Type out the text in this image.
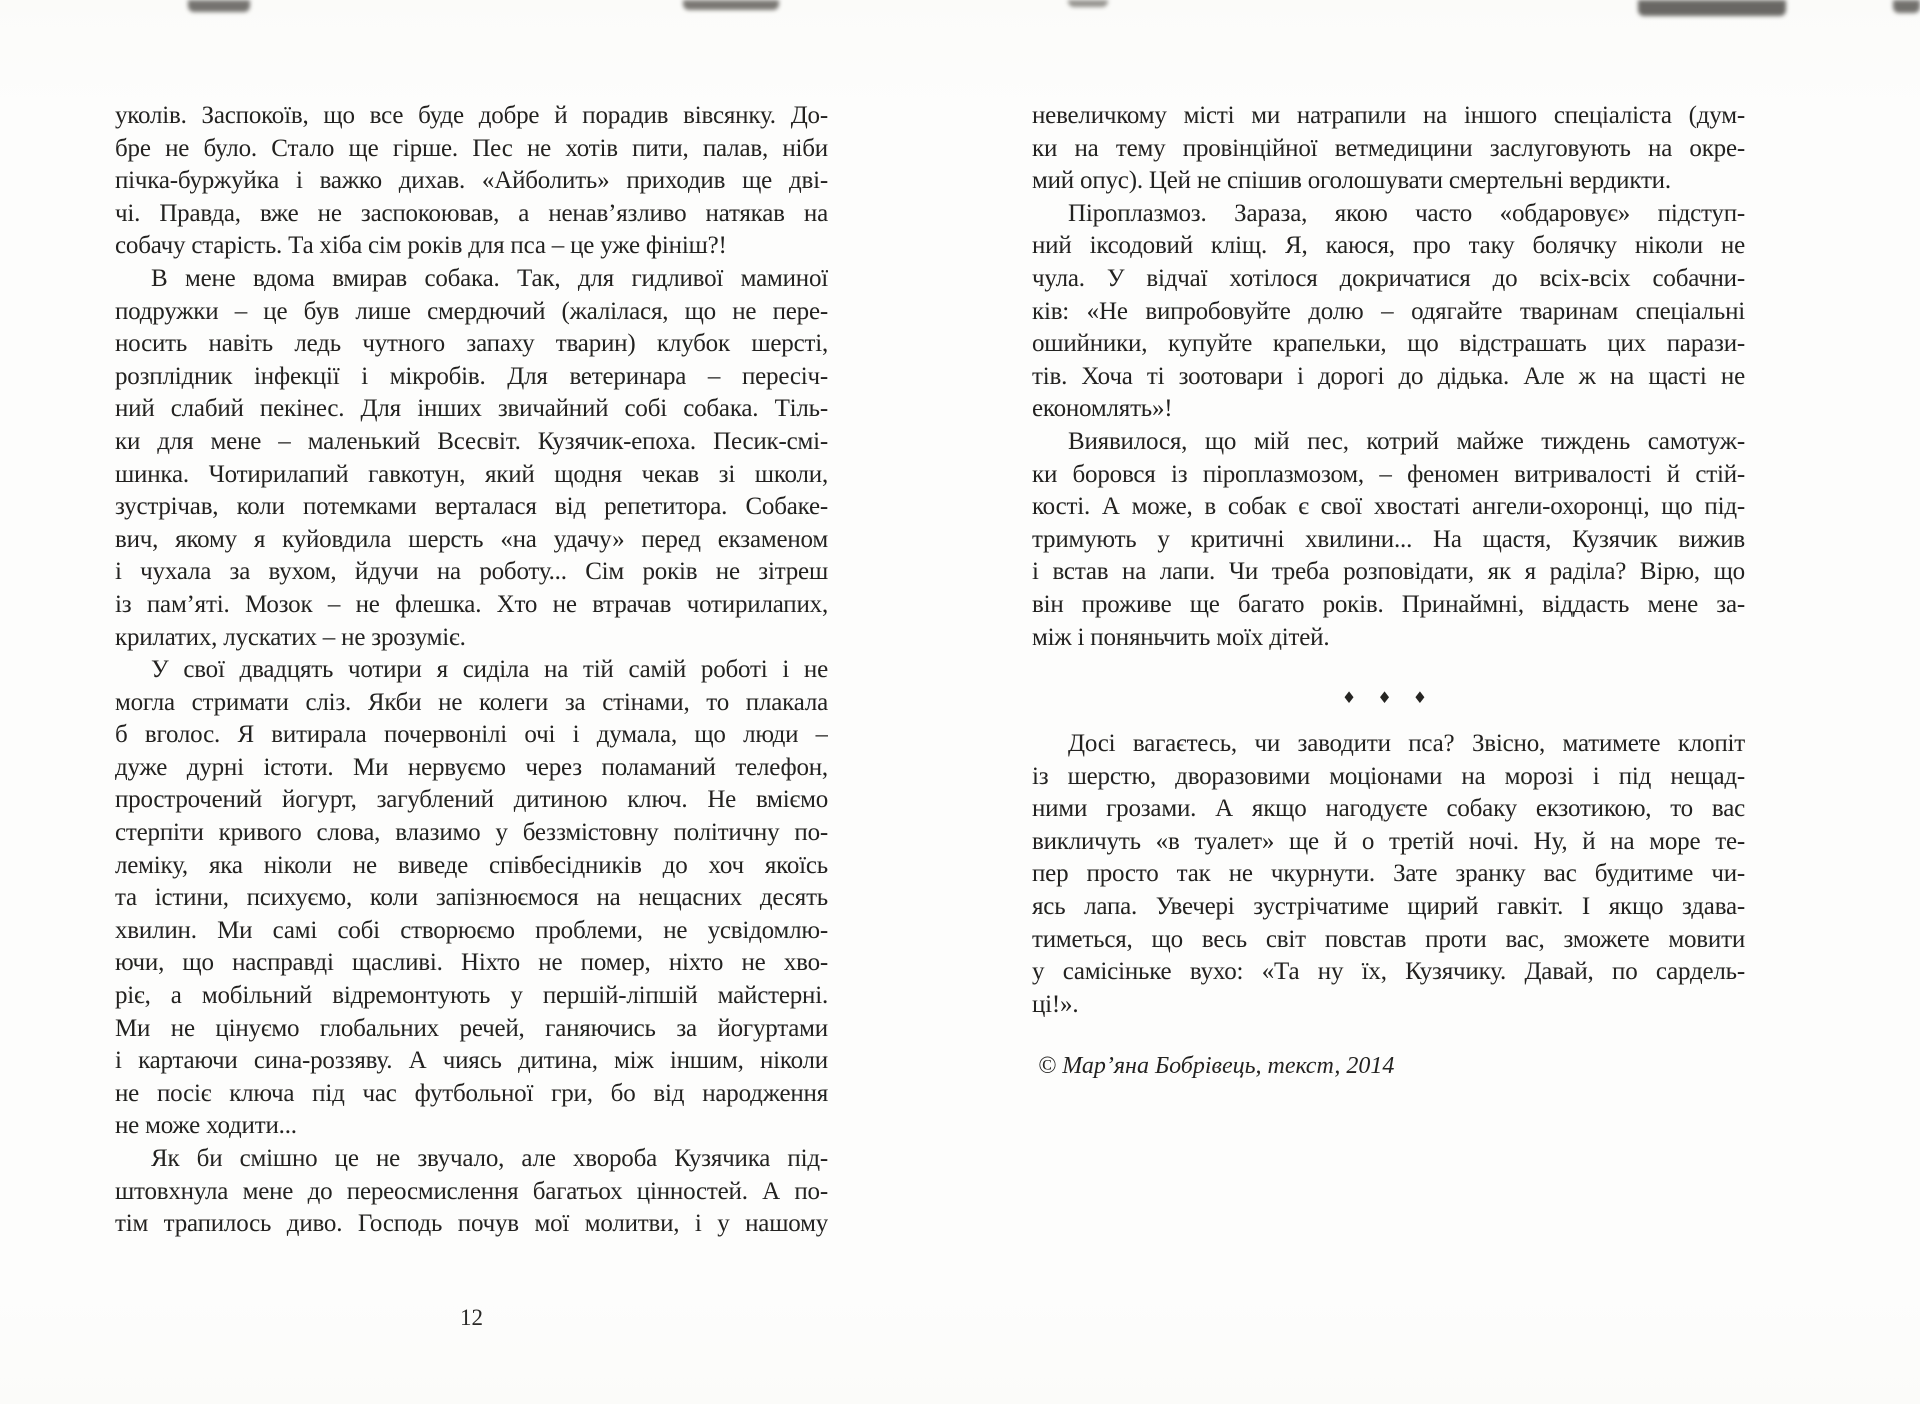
уколів. Заспокоїв, що все буде добре й порадив вівсянку. До-
бре не було. Стало ще гірше. Пес не хотів пити, палав, ніби
пічка-буржуйка і важко дихав. «Айболить» приходив ще дві-
чі. Правда, вже не заспокоював, а ненав’язливо натякав на
собачу старість. Та хіба сім років для пса – це уже фініш?!
В мене вдома вмирав собака. Так, для гидливої маминої
подружки – це був лише смердючий (жалілася, що не пере-
носить навіть ледь чутного запаху тварин) клубок шерсті,
розплідник інфекції і мікробів. Для ветеринара – пересіч-
ний слабий пекінес. Для інших звичайний собі собака. Тіль-
ки для мене – маленький Всесвіт. Кузячик-епоха. Песик-смі-
шинка. Чотирилапий гавкотун, який щодня чекав зі школи,
зустрічав, коли потемками верталася від репетитора. Собаке-
вич, якому я куйовдила шерсть «на удачу» перед екзаменом
і чухала за вухом, йдучи на роботу... Сім років не зітреш
із пам’яті. Мозок – не флешка. Хто не втрачав чотирилапих,
крилатих, лускатих – не зрозуміє.
У свої двадцять чотири я сиділа на тій самій роботі і не
могла стримати сліз. Якби не колеги за стінами, то плакала
б вголос. Я витирала почервонілі очі і думала, що люди –
дуже дурні істоти. Ми нервуємо через поламаний телефон,
прострочений йогурт, загублений дитиною ключ. Не вміємо
стерпіти кривого слова, влазимо у беззмістовну політичну по-
леміку, яка ніколи не виведе співбесідників до хоч якоїсь
та істини, психуємо, коли запізнюємося на нещасних десять
хвилин. Ми самі собі створюємо проблеми, не усвідомлю-
ючи, що насправді щасливі. Ніхто не помер, ніхто не хво-
ріє, а мобільний відремонтують у першій-ліпшій майстерні.
Ми не цінуємо глобальних речей, ганяючись за йогуртами
і картаючи сина-роззяву. А чиясь дитина, між іншим, ніколи
не посіє ключа під час футбольної гри, бо від народження
не може ходити...
Як би смішно це не звучало, але хвороба Кузячика під-
штовхнула мене до переосмислення багатьох цінностей. А по-
тім трапилось диво. Господь почув мої молитви, і у нашому
12
невеличкому місті ми натрапили на іншого спеціаліста (дум-
ки на тему провінційної ветмедицини заслуговують на окре-
мий опус). Цей не спішив оголошувати смертельні вердикти.
Піроплазмоз. Зараза, якою часто «обдаровує» підступ-
ний іксодовий кліщ. Я, каюся, про таку болячку ніколи не
чула. У відчаї хотілося докричатися до всіх-всіх собачни-
ків: «Не випробовуйте долю – одягайте тваринам спеціальні
ошийники, купуйте крапельки, що відстрашать цих парази-
тів. Хоча ті зоотовари і дорогі до дідька. Але ж на щасті не
економлять»!
Виявилося, що мій пес, котрий майже тиждень самотуж-
ки боровся із піроплазмозом, – феномен витривалості й стій-
кості. А може, в собак є свої хвостаті ангели-охоронці, що під-
тримують у критичні хвилини... На щастя, Кузячик вижив
і встав на лапи. Чи треба розповідати, як я раділа? Вірю, що
він проживе ще багато років. Принаймні, віддасть мене за-
між і поняньчить моїх дітей.
♦ ♦ ♦
Досі вагаєтесь, чи заводити пса? Звісно, матимете клопіт
із шерстю, дворазовими моціонами на морозі і під нещад-
ними грозами. А якщо нагодуєте собаку екзотикою, то вас
викличуть «в туалет» ще й о третій ночі. Ну, й на море те-
пер просто так не чкурнути. Зате зранку вас будитиме чи-
ясь лапа. Увечері зустрічатиме щирий гавкіт. І якщо здава-
тиметься, що весь світ повстав проти вас, зможете мовити
у самісіньке вухо: «Та ну їх, Кузячику. Давай, по сардель-
ці!».
© Мар’яна Бобрівець, текст, 2014
